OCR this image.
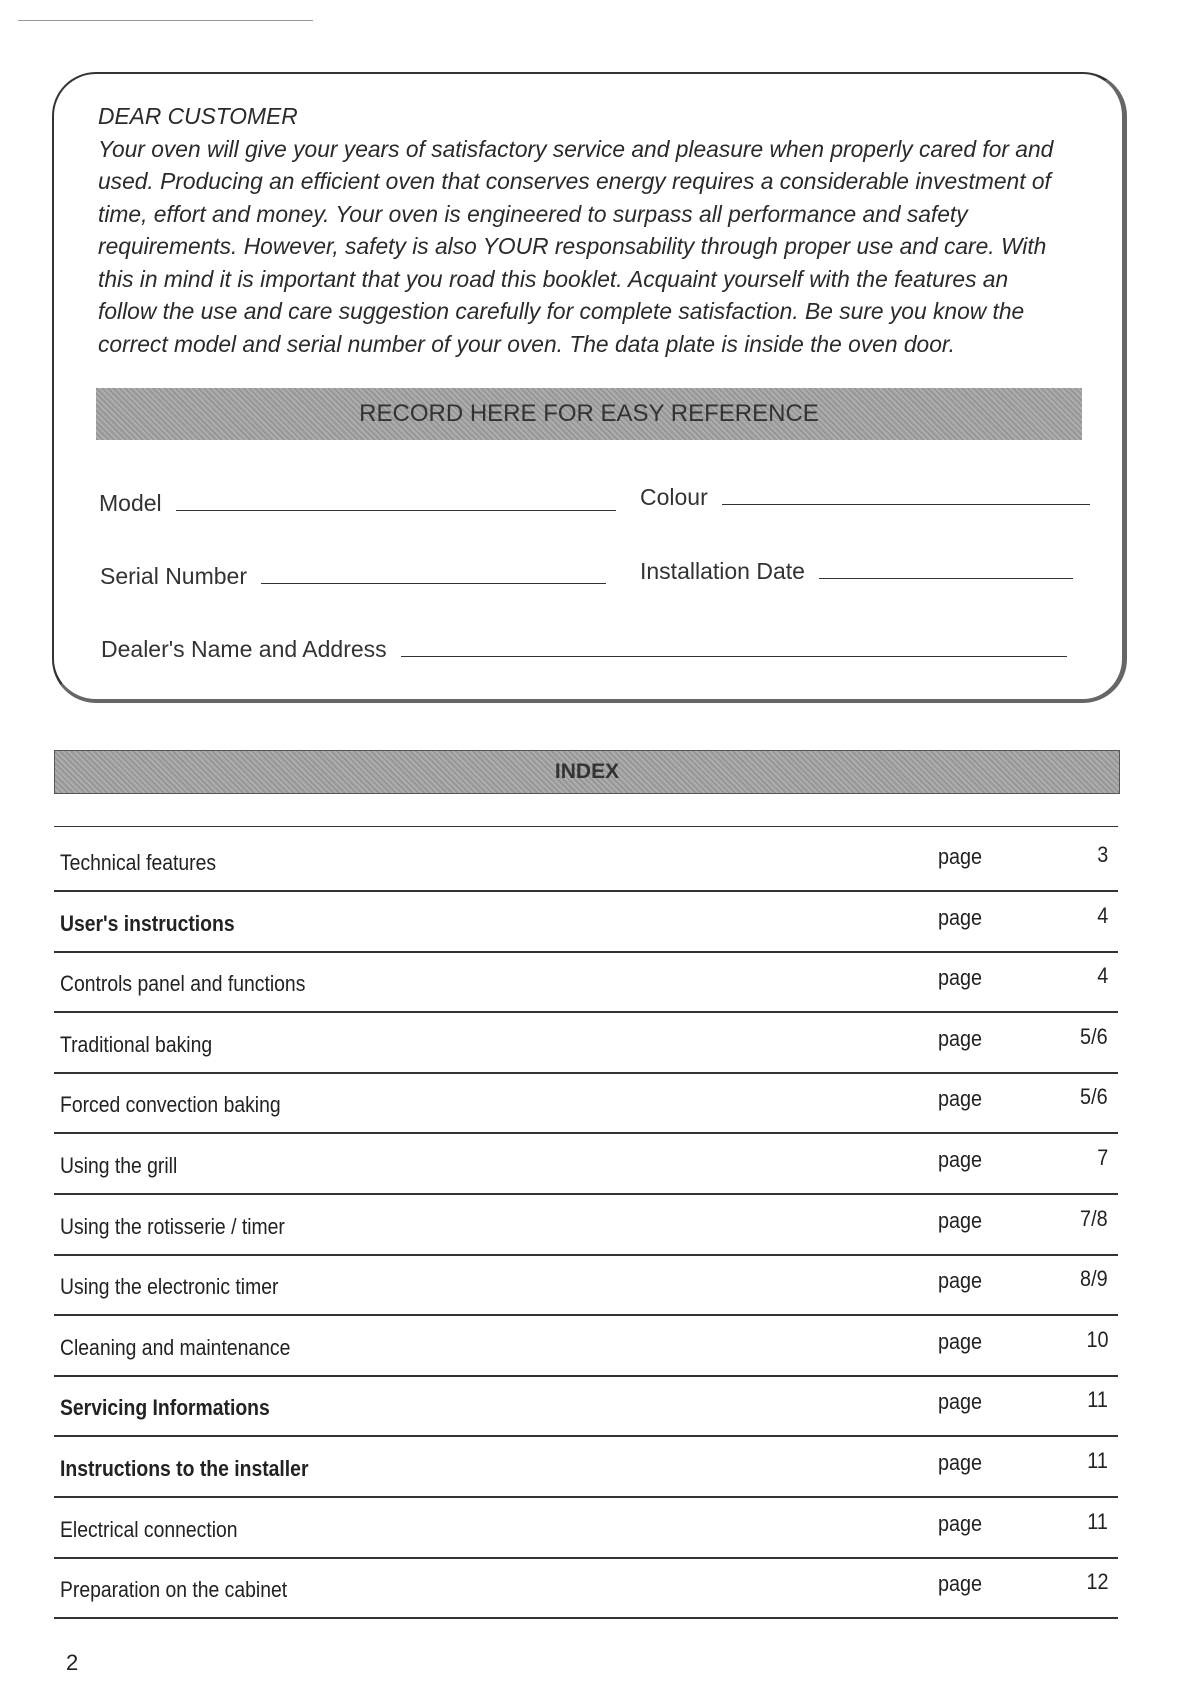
DEAR CUSTOMER
Your oven will give your years of satisfactory service and pleasure when properly cared for and used. Producing an efficient oven that conserves energy requires a considerable investment of time, effort and money. Your oven is engineered to surpass all performance and safety requirements. However, safety is also YOUR responsability through proper use and care. With this in mind it is important that you road this booklet. Acquaint yourself with the features an follow the use and care suggestion carefully for complete satisfaction. Be sure you know the correct model and serial number of your oven. The data plate is inside the oven door.
RECORD HERE FOR EASY REFERENCE
Model	Colour
Serial Number	Installation Date
Dealer's Name and Address
INDEX
Technical features	page	3
User's instructions	page	4
Controls panel and functions	page	4
Traditional baking	page	5/6
Forced convection baking	page	5/6
Using the grill	page	7
Using the rotisserie / timer	page	7/8
Using the electronic timer	page	8/9
Cleaning and maintenance	page	10
Servicing Informations	page	11
Instructions to the installer	page	11
Electrical connection	page	11
Preparation on the cabinet	page	12
2
